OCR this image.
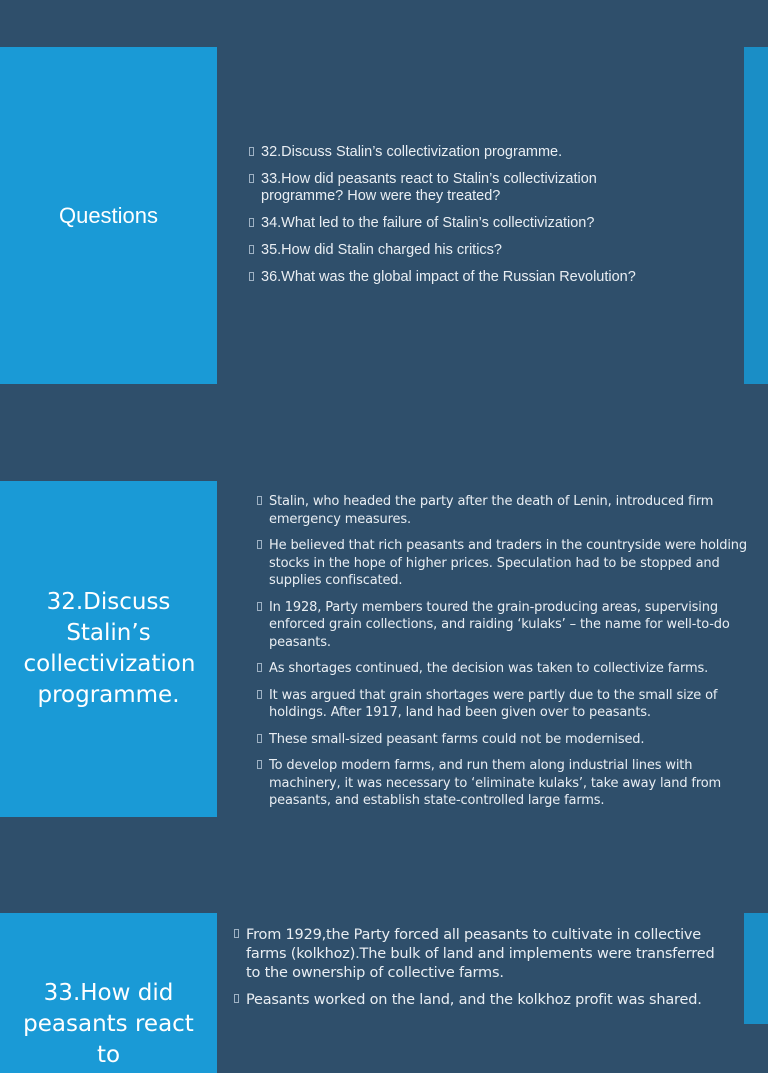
Questions
32.Discuss Stalin’s collectivization programme.
33.How did peasants react to Stalin’s collectivization programme? How were they treated?
34.What led to the failure of Stalin’s collectivization?
35.How did Stalin charged his critics?
36.What was the global impact of the Russian Revolution?
32.Discuss Stalin’s collectivization programme.
Stalin, who headed the party after the death of Lenin, introduced firm emergency measures.
He believed that rich peasants and traders in the countryside were holding stocks in the hope of higher prices. Speculation had to be stopped and supplies confiscated.
In 1928, Party members toured the grain-producing areas, supervising enforced grain collections, and raiding ‘kulaks’ – the name for well-to-do peasants.
As shortages continued, the decision was taken to collectivize farms.
It was argued that grain shortages were partly due to the small size of holdings. After 1917, land had been given over to peasants.
These small-sized peasant farms could not be modernised.
To develop modern farms, and run them along industrial lines with machinery, it was necessary to ‘eliminate kulaks’, take away land from peasants, and establish state-controlled large farms.
33.How did peasants react to
From 1929,the Party forced all peasants to cultivate in collective farms (kolkhoz).The bulk of land and implements were transferred to the ownership of collective farms.
Peasants worked on the land, and the kolkhoz profit was shared.
